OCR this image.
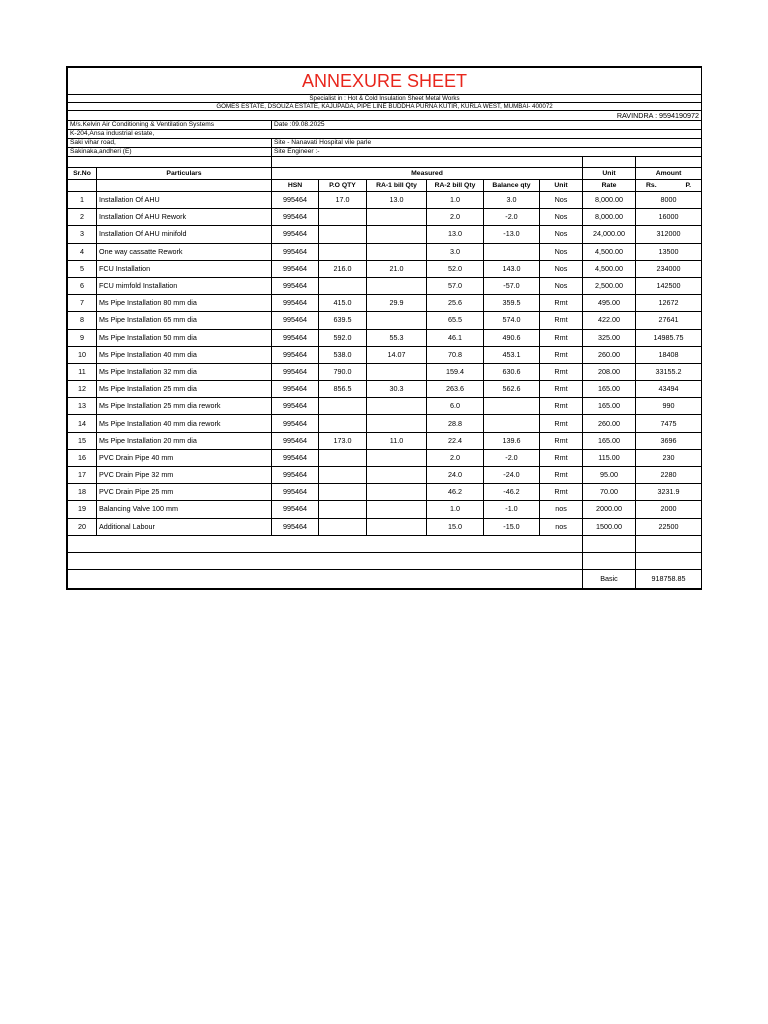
ANNEXURE SHEET									
Specialist in : Hot & Cold Insulation Sheet Metal Works									
GOMES ESTATE, DSOUZA ESTATE, KAJUPADA, PIPE LINE BUDDHA PURNA KUTIR, KURLA WEST, MUMBAI- 400072									
RAVINDRA : 9594190972									
M/s.Kelvin Air Conditioning & Ventilation Systems		Date :09.08.2025							
K-204,Ansa industrial estate,									
Saki vihar road,		Site - Nanavati Hospital vile parle							
Sakinaka,andheri (E)		Site Engineer :-							

Sr.No	Particulars	Measured						Unit	Amount
		HSN	P.O QTY	RA-1 bill Qty	RA-2 bill Qty	Balance qty	Unit	Rate	Rs. P.

1	Installation Of AHU	995464	17.0	13.0	1.0	3.0	Nos	8,000.00	8000
2	Installation Of AHU Rework	995464			2.0	-2.0	Nos	8,000.00	16000
3	Installation Of AHU minifold	995464			13.0	-13.0	Nos	24,000.00	312000
4	One way cassatte Rework	995464			3.0		Nos	4,500.00	13500
5	FCU Installation	995464	216.0	21.0	52.0	143.0	Nos	4,500.00	234000
6	FCU mimfold Installation	995464			57.0	-57.0	Nos	2,500.00	142500
7	Ms Pipe Installation 80 mm dia	995464	415.0	29.9	25.6	359.5	Rmt	495.00	12672
8	Ms Pipe Installation 65 mm dia	995464	639.5		65.5	574.0	Rmt	422.00	27641
9	Ms Pipe Installation 50 mm dia	995464	592.0	55.3	46.1	490.6	Rmt	325.00	14985.75
10	Ms Pipe Installation 40 mm dia	995464	538.0	14.07	70.8	453.1	Rmt	260.00	18408
11	Ms Pipe Installation 32 mm dia	995464	790.0		159.4	630.6	Rmt	208.00	33155.2
12	Ms Pipe Installation 25 mm dia	995464	856.5	30.3	263.6	562.6	Rmt	165.00	43494
13	Ms Pipe Installation 25 mm dia rework	995464			6.0		Rmt	165.00	990
14	Ms Pipe Installation 40 mm dia rework	995464			28.8		Rmt	260.00	7475
15	Ms Pipe Installation 20 mm dia	995464	173.0	11.0	22.4	139.6	Rmt	165.00	3696
16	PVC Drain Pipe 40 mm	995464			2.0	-2.0	Rmt	115.00	230
17	PVC Drain Pipe 32 mm	995464			24.0	-24.0	Rmt	95.00	2280
18	PVC Drain Pipe 25 mm	995464			46.2	-46.2	Rmt	70.00	3231.9
19	Balancing Valve 100 mm	995464			1.0	-1.0	nos	2000.00	2000
20	Additional Labour	995464			15.0	-15.0	nos	1500.00	22500

								Basic	918758.85
